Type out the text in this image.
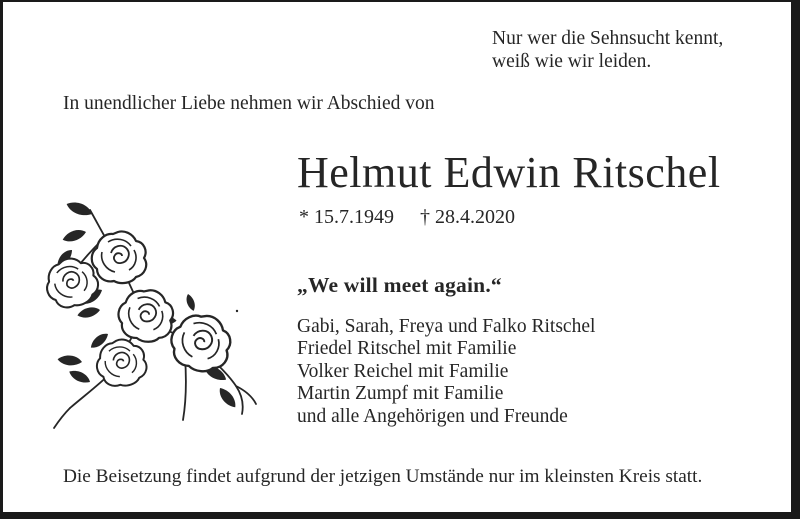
Nur wer die Sehnsucht kennt,
weiß wie wir leiden.
In unendlicher Liebe nehmen wir Abschied von
Helmut Edwin Ritschel
* 15.7.1949 † 28.4.2020
„We will meet again.“
Gabi, Sarah, Freya und Falko Ritschel
Friedel Ritschel mit Familie
Volker Reichel mit Familie
Martin Zumpf mit Familie
und alle Angehörigen und Freunde
Die Beisetzung findet aufgrund der jetzigen Umstände nur im kleinsten Kreis statt.
